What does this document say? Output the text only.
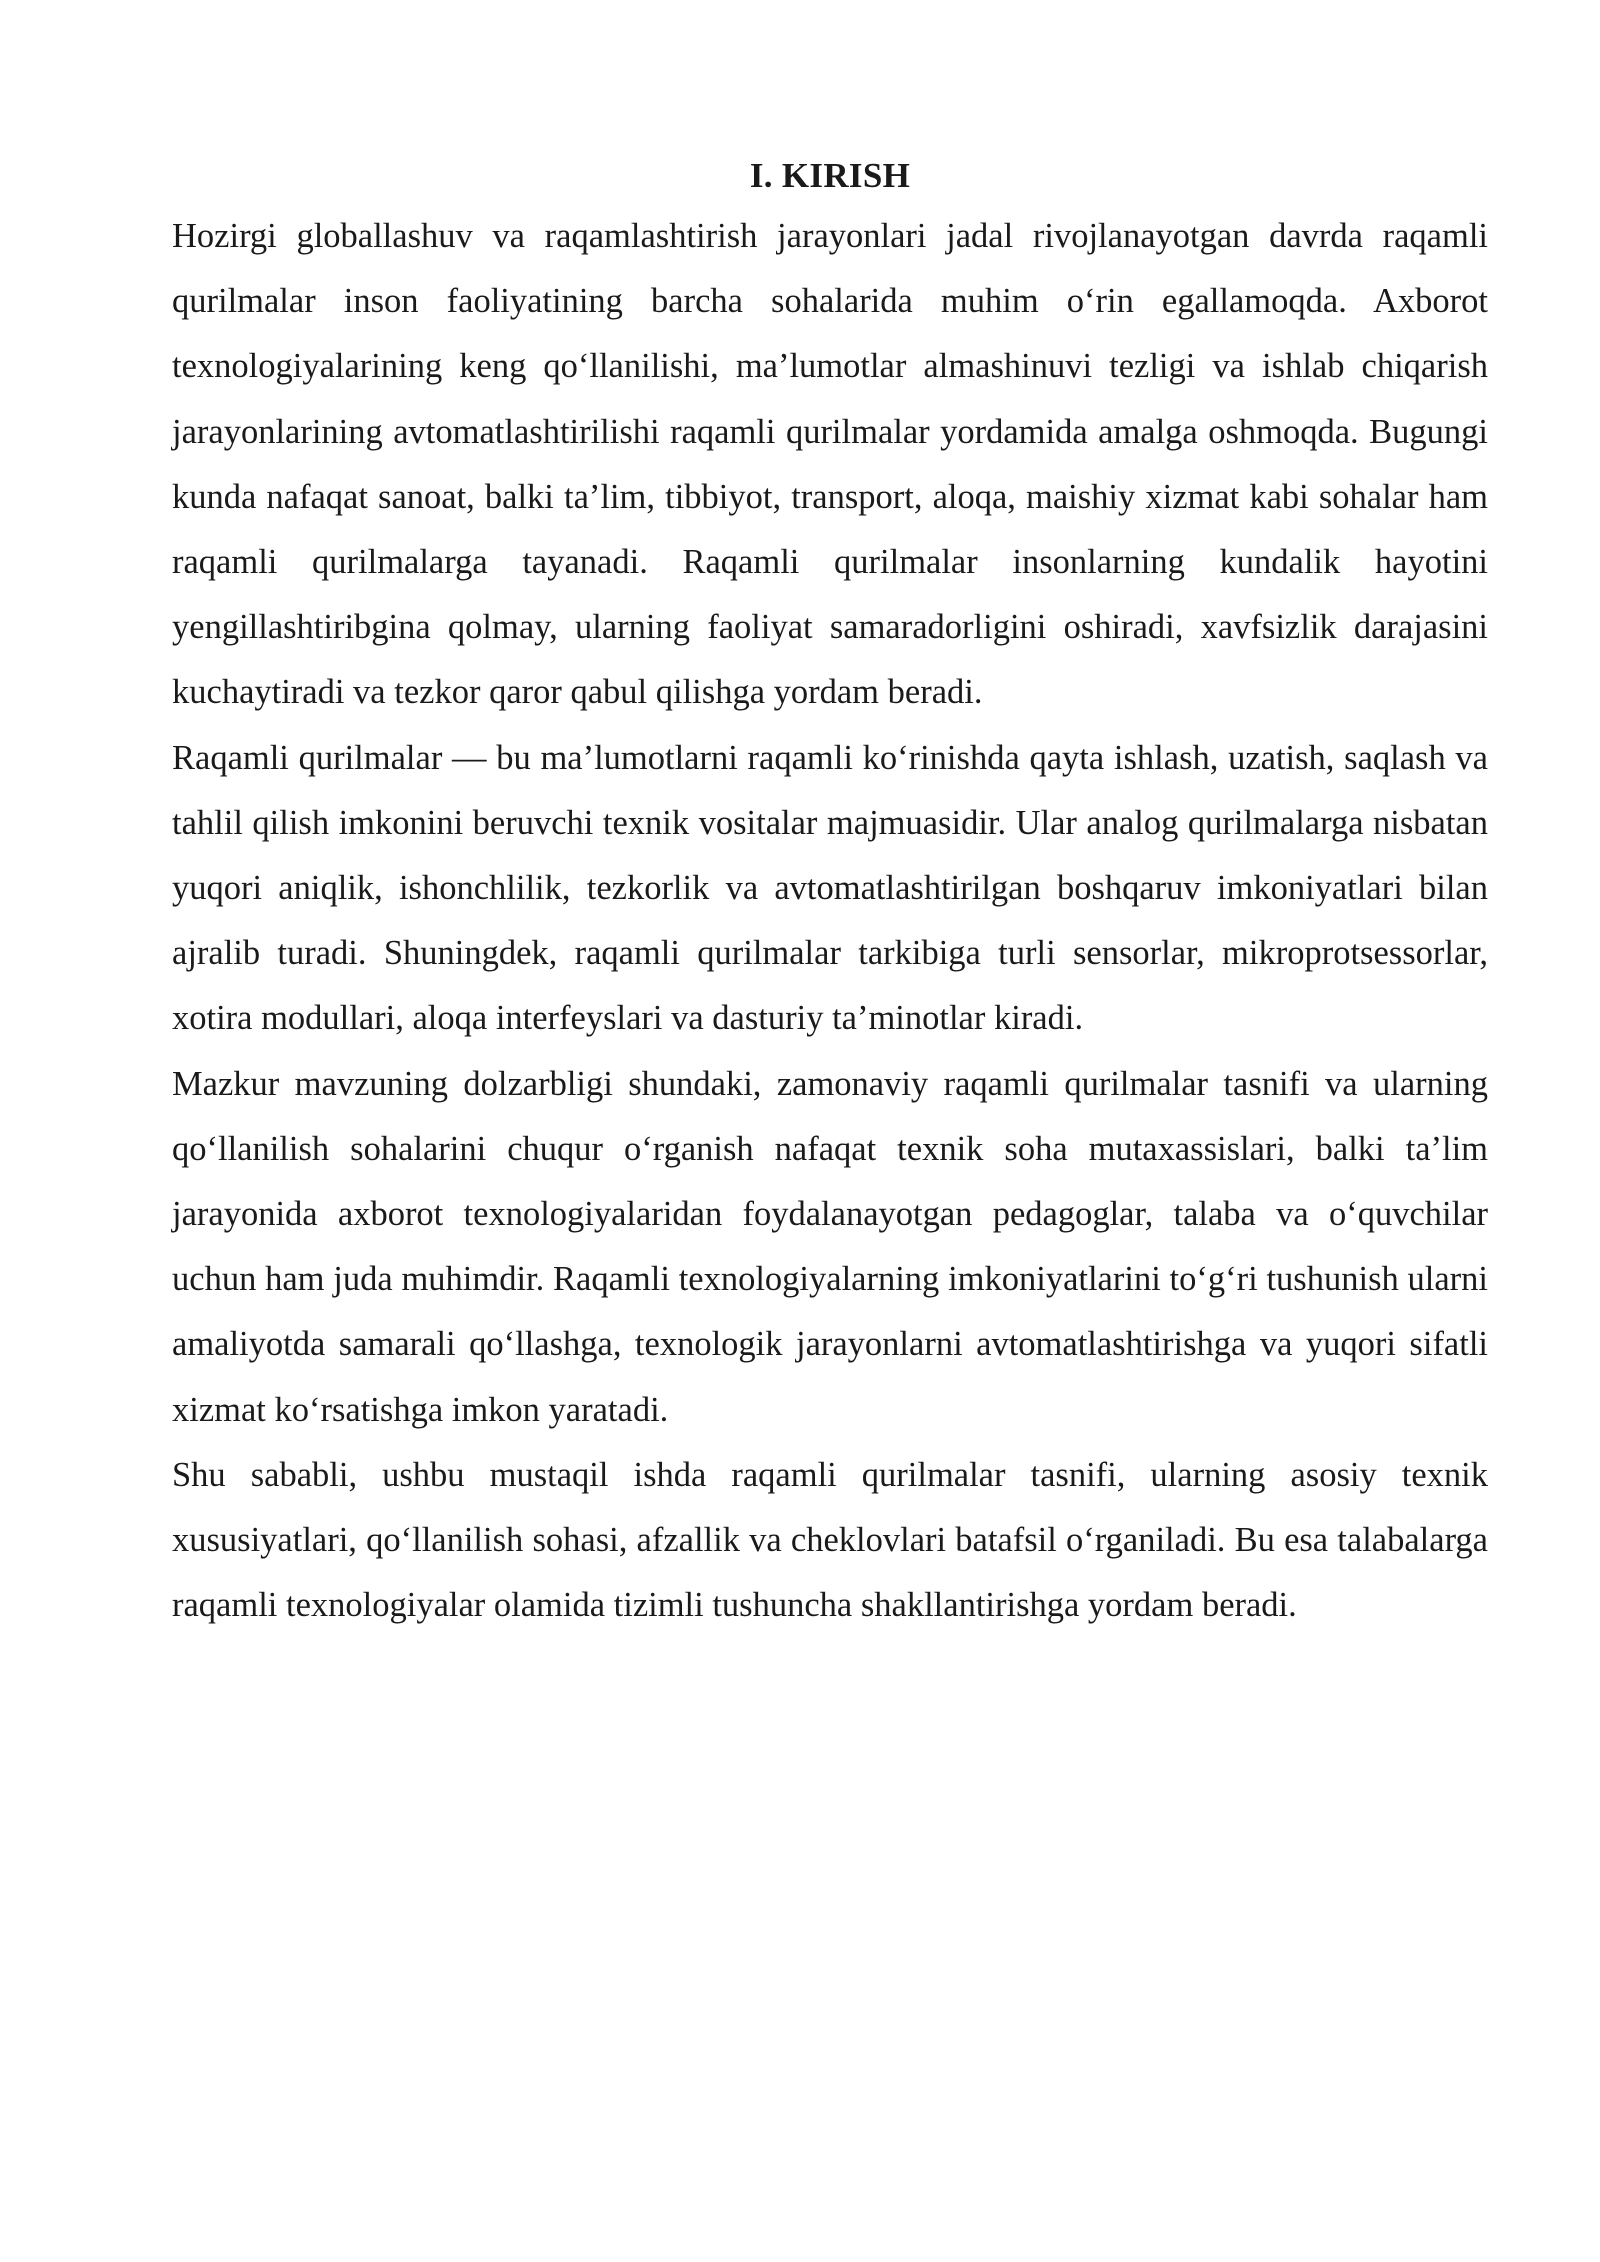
I. KIRISH

Hozirgi globallashuv va raqamlashtirish jarayonlari jadal rivojlanayotgan davrda raqamli qurilmalar inson faoliyatining barcha sohalarida muhim o‘rin egallamoqda. Axborot texnologiyalarining keng qo‘llanilishi, ma’lumotlar almashinuvi tezligi va ishlab chiqarish jarayonlarining avtomatlashtirilishi raqamli qurilmalar yordamida amalga oshmoqda. Bugungi kunda nafaqat sanoat, balki ta’lim, tibbiyot, transport, aloqa, maishiy xizmat kabi sohalar ham raqamli qurilmalarga tayanadi. Raqamli qurilmalar insonlarning kundalik hayotini yengillashtiribgina qolmay, ularning faoliyat samaradorligini oshiradi, xavfsizlik darajasini kuchaytiradi va tezkor qaror qabul qilishga yordam beradi.

Raqamli qurilmalar — bu ma’lumotlarni raqamli ko‘rinishda qayta ishlash, uzatish, saqlash va tahlil qilish imkonini beruvchi texnik vositalar majmuasidir. Ular analog qurilmalarga nisbatan yuqori aniqlik, ishonchlilik, tezkorlik va avtomatlashtirilgan boshqaruv imkoniyatlari bilan ajralib turadi. Shuningdek, raqamli qurilmalar tarkibiga turli sensorlar, mikroprotsessorlar, xotira modullari, aloqa interfeyslari va dasturiy ta’minotlar kiradi.

Mazkur mavzuning dolzarbligi shundaki, zamonaviy raqamli qurilmalar tasnifi va ularning qo‘llanilish sohalarini chuqur o‘rganish nafaqat texnik soha mutaxassislari, balki ta’lim jarayonida axborot texnologiyalaridan foydalanayotgan pedagoglar, talaba va o‘quvchilar uchun ham juda muhimdir. Raqamli texnologiyalarning imkoniyatlarini to‘g‘ri tushunish ularni amaliyotda samarali qo‘llashga, texnologik jarayonlarni avtomatlashtirishga va yuqori sifatli xizmat ko‘rsatishga imkon yaratadi.

Shu sababli, ushbu mustaqil ishda raqamli qurilmalar tasnifi, ularning asosiy texnik xususiyatlari, qo‘llanilish sohasi, afzallik va cheklovlari batafsil o‘rganiladi. Bu esa talabalarga raqamli texnologiyalar olamida tizimli tushuncha shakllantirishga yordam beradi.
